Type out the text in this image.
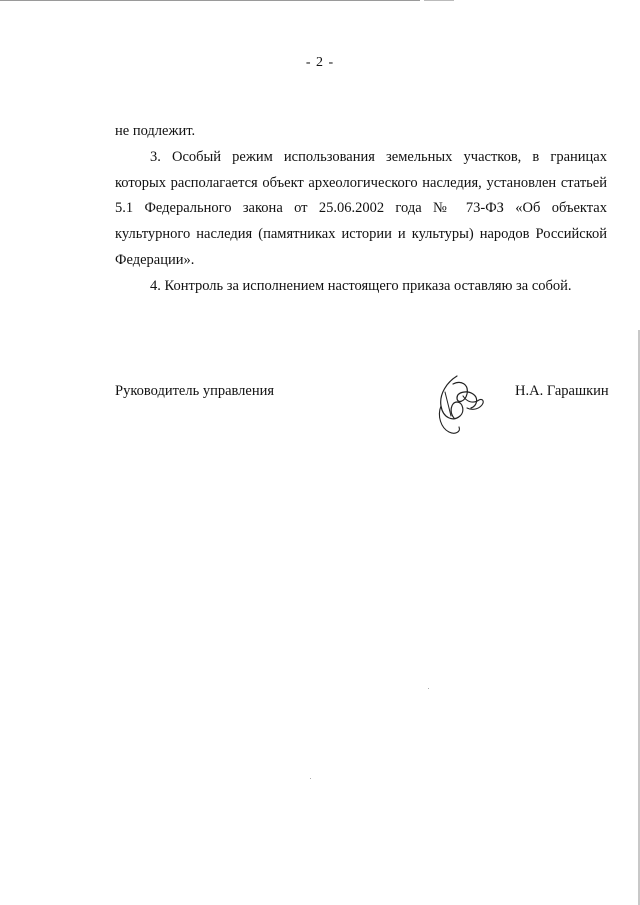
- 2 -

не подлежит.

3. Особый режим использования земельных участков, в границах которых располагается объект археологического наследия, установлен статьей 5.1 Федерального закона от 25.06.2002 года № 73-ФЗ «Об объектах культурного наследия (памятниках истории и культуры) народов Российской Федерации».

4. Контроль за исполнением настоящего приказа оставляю за собой.

Руководитель управления	Н.А. Гарашкин
